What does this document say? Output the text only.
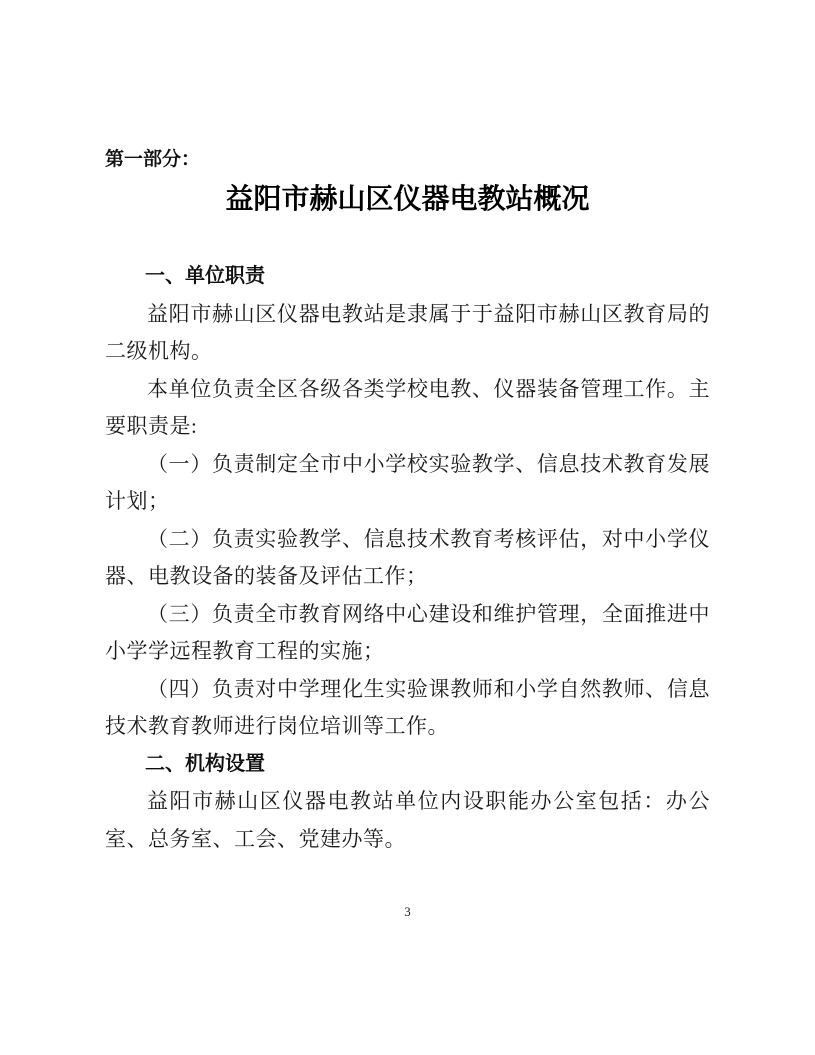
第一部分：
益阳市赫山区仪器电教站概况
一、单位职责

益阳市赫山区仪器电教站是隶属于于益阳市赫山区教育局的二级机构。

本单位负责全区各级各类学校电教、仪器装备管理工作。主要职责是:

（一）负责制定全市中小学校实验教学、信息技术教育发展计划；

（二）负责实验教学、信息技术教育考核评估，对中小学仪器、电教设备的装备及评估工作；

（三）负责全市教育网络中心建设和维护管理，全面推进中小学学远程教育工程的实施；

（四）负责对中学理化生实验课教师和小学自然教师、信息技术教育教师进行岗位培训等工作。

二、机构设置

益阳市赫山区仪器电教站单位内设职能办公室包括：办公室、总务室、工会、党建办等。

3
